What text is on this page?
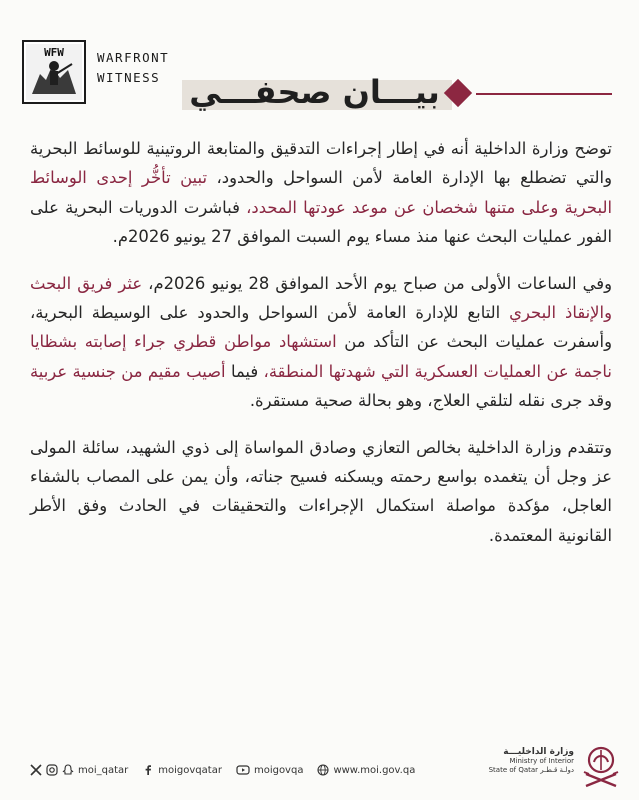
WFW	WARFRONT
WITNESS بيـــان صحفـــي

توضح وزارة الداخلية أنه في إطار إجراءات التدقيق والمتابعة الروتينية للوسائط البحرية والتي تضطلع بها الإدارة العامة لأمن السواحل والحدود، تبين تأخُّر إحدى الوسائط البحرية وعلى متنها شخصان عن موعد عودتها المحدد، فباشرت الدوريات البحرية على الفور عمليات البحث عنها منذ مساء يوم السبت الموافق 27 يونيو 2026م.

وفي الساعات الأولى من صباح يوم الأحد الموافق 28 يونيو 2026م، عثر فريق البحث والإنقاذ البحري التابع للإدارة العامة لأمن السواحل والحدود على الوسيطة البحرية، وأسفرت عمليات البحث عن التأكد من استشهاد مواطن قطري جراء إصابته بشظايا ناجمة عن العمليات العسكرية التي شهدتها المنطقة، فيما أصيب مقيم من جنسية عربية وقد جرى نقله لتلقي العلاج، وهو بحالة صحية مستقرة.

وتتقدم وزارة الداخلية بخالص التعازي وصادق المواساة إلى ذوي الشهيد، سائلة المولى عز وجل أن يتغمده بواسع رحمته ويسكنه فسيح جناته، وأن يمن على المصاب بالشفاء العاجل، مؤكدة مواصلة استكمال الإجراءات والتحقيقات في الحادث وفق الأطر القانونية المعتمدة.

moi_qatar	moigovqatar	moigovqa	www.moi.gov.qa
وزارة الداخليـــة
Ministry of Interior
State of Qatar دولـة قـطـر
